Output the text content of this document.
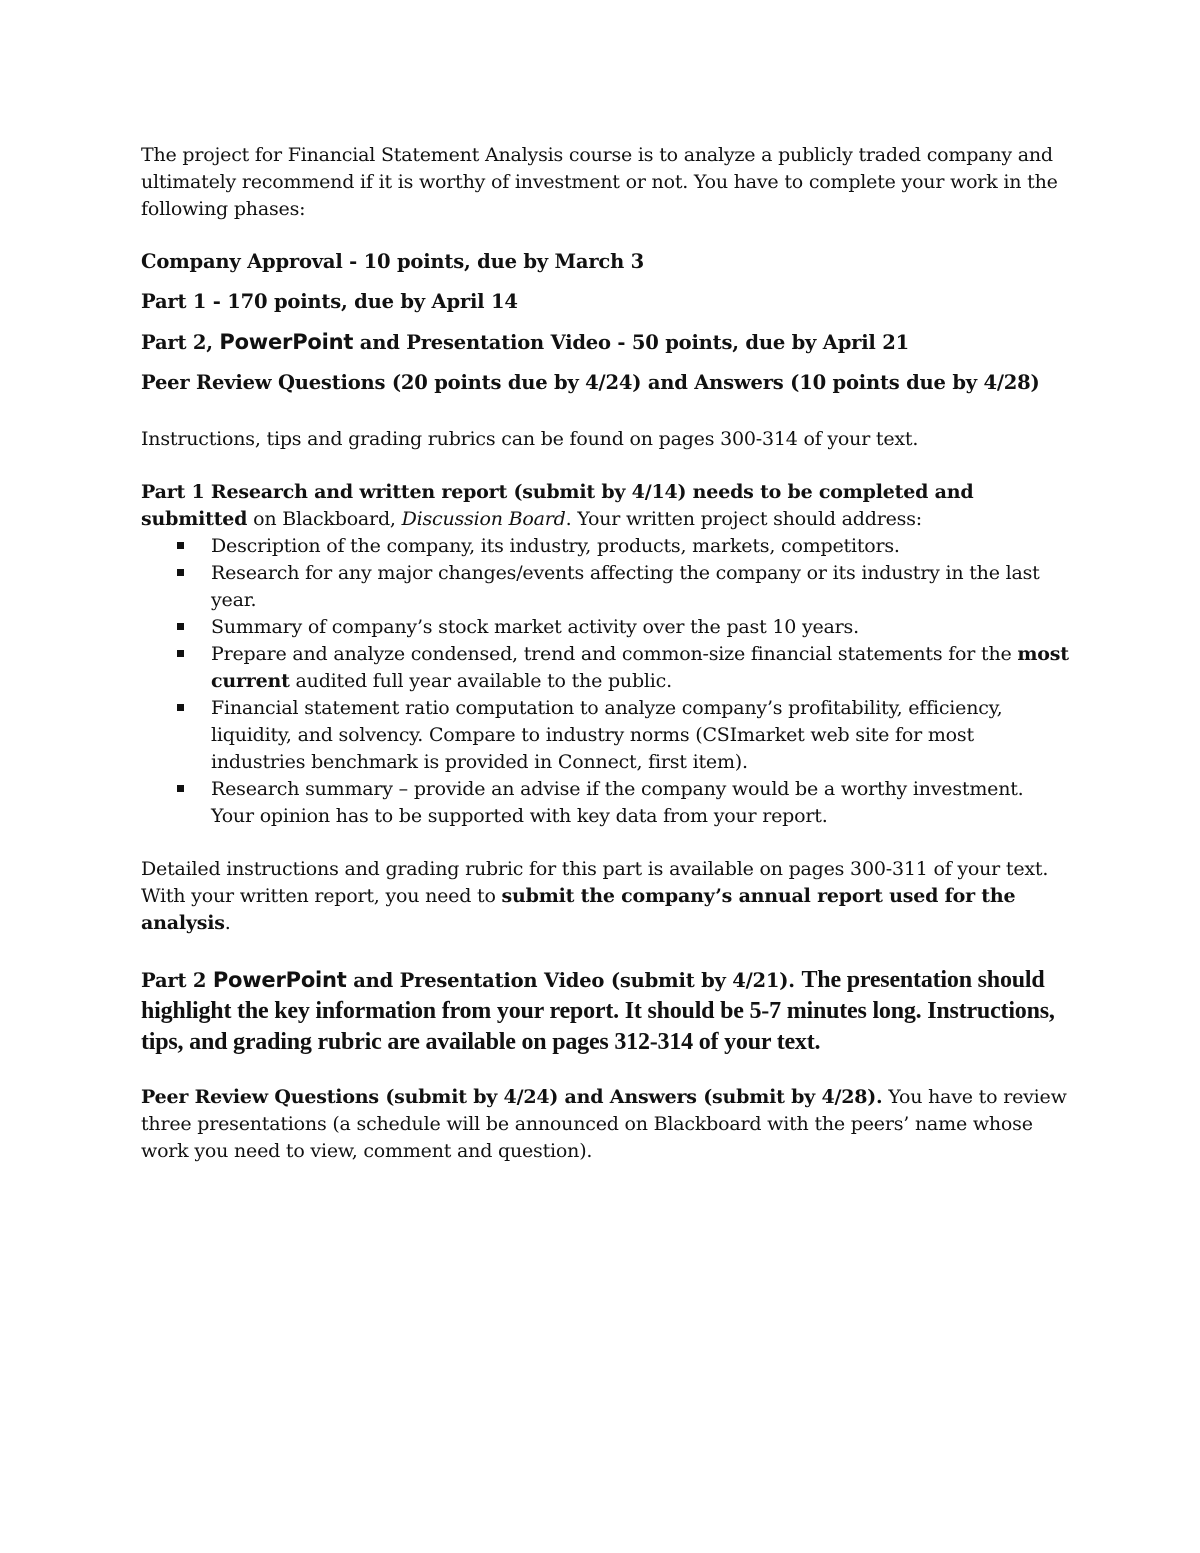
The project for Financial Statement Analysis course is to analyze a publicly traded company and ultimately recommend if it is worthy of investment or not. You have to complete your work in the following phases:

Company Approval - 10 points, due by March 3

Part 1 - 170 points, due by April 14

Part 2, PowerPoint and Presentation Video - 50 points, due by April 21

Peer Review Questions (20 points due by 4/24) and Answers (10 points due by 4/28)

Instructions, tips and grading rubrics can be found on pages 300-314 of your text.

Part 1 Research and written report (submit by 4/14) needs to be completed and submitted on Blackboard, Discussion Board. Your written project should address:

Description of the company, its industry, products, markets, competitors.
Research for any major changes/events affecting the company or its industry in the last year.
Summary of company’s stock market activity over the past 10 years.
Prepare and analyze condensed, trend and common-size financial statements for the most current audited full year available to the public.
Financial statement ratio computation to analyze company’s profitability, efficiency, liquidity, and solvency. Compare to industry norms (CSImarket web site for most industries benchmark is provided in Connect, first item).
Research summary – provide an advise if the company would be a worthy investment. Your opinion has to be supported with key data from your report.

Detailed instructions and grading rubric for this part is available on pages 300-311 of your text. With your written report, you need to submit the company’s annual report used for the analysis.

Part 2 PowerPoint and Presentation Video (submit by 4/21). The presentation should highlight the key information from your report. It should be 5-7 minutes long. Instructions, tips, and grading rubric are available on pages 312-314 of your text.

Peer Review Questions (submit by 4/24) and Answers (submit by 4/28). You have to review three presentations (a schedule will be announced on Blackboard with the peers’ name whose work you need to view, comment and question).
